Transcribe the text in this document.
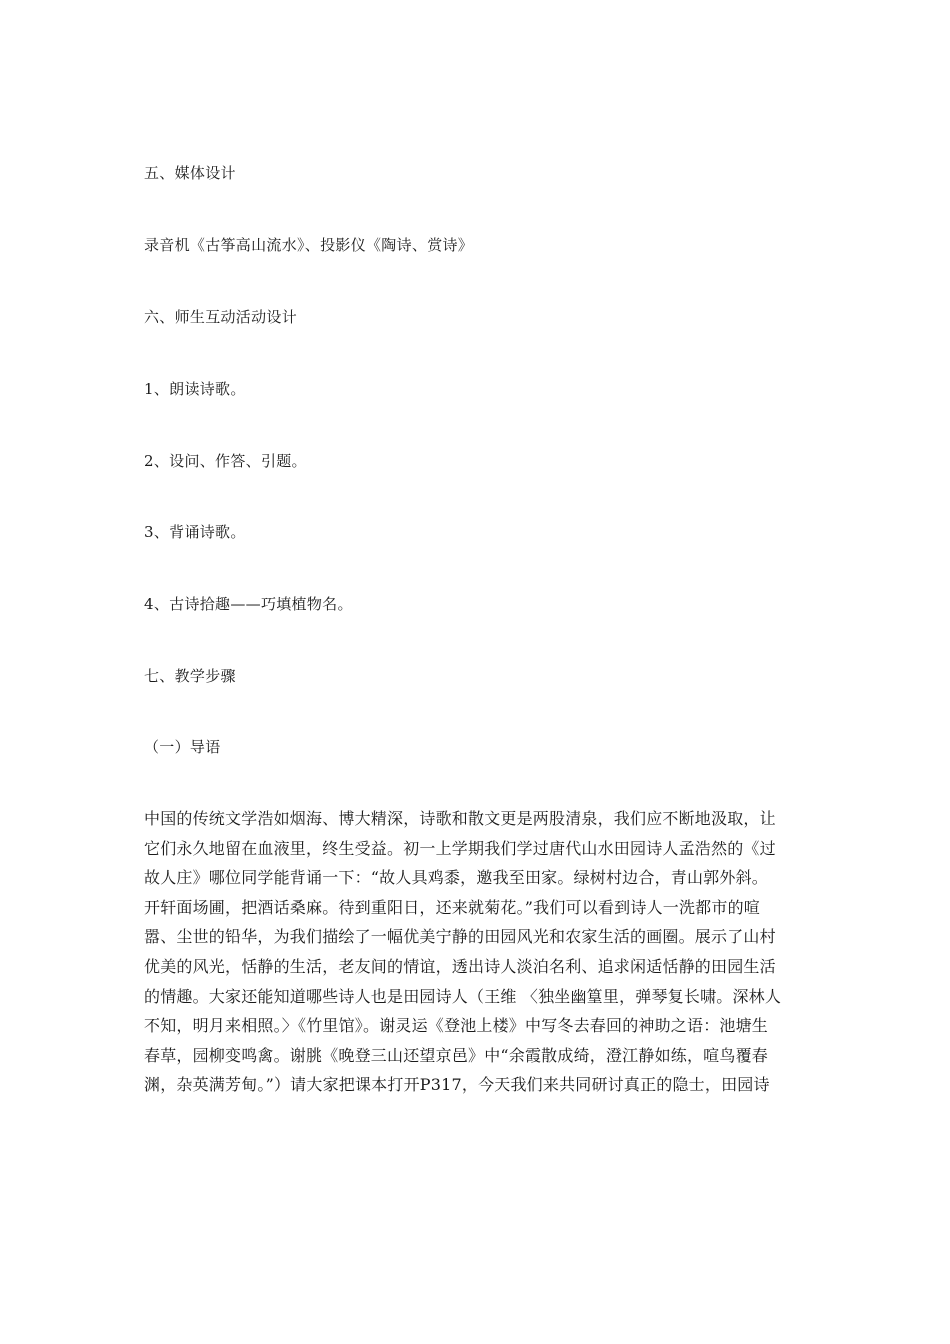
五、媒体设计
录音机《古筝高山流水》、投影仪《陶诗、赏诗》
六、师生互动活动设计
1、朗读诗歌。
2、设问、作答、引题。
3、背诵诗歌。
4、古诗拾趣——巧填植物名。
七、教学步骤
（一）导语
中国的传统文学浩如烟海、博大精深，诗歌和散文更是两股清泉，我们应不断地汲取，让
它们永久地留在血液里，终生受益。初一上学期我们学过唐代山水田园诗人孟浩然的《过
故人庄》哪位同学能背诵一下：“故人具鸡黍，邀我至田家。绿树村边合，青山郭外斜。
开轩面场圃，把酒话桑麻。待到重阳日，还来就菊花。”我们可以看到诗人一洗都市的喧
嚣、尘世的铅华，为我们描绘了一幅优美宁静的田园风光和农家生活的画圈。展示了山村
优美的风光，恬静的生活，老友间的情谊，透出诗人淡泊名利、追求闲适恬静的田园生活
的情趣。大家还能知道哪些诗人也是田园诗人（王维 〈独坐幽篁里，弹琴复长啸。深林人
不知，明月来相照。〉《竹里馆》。谢灵运《登池上楼》中写冬去春回的神助之语：池塘生
春草，园柳变鸣禽。谢朓《晚登三山还望京邑》中“余霞散成绮，澄江静如练，喧鸟覆春
渊，杂英满芳甸。”）请大家把课本打开P317，今天我们来共同研讨真正的隐士，田园诗
